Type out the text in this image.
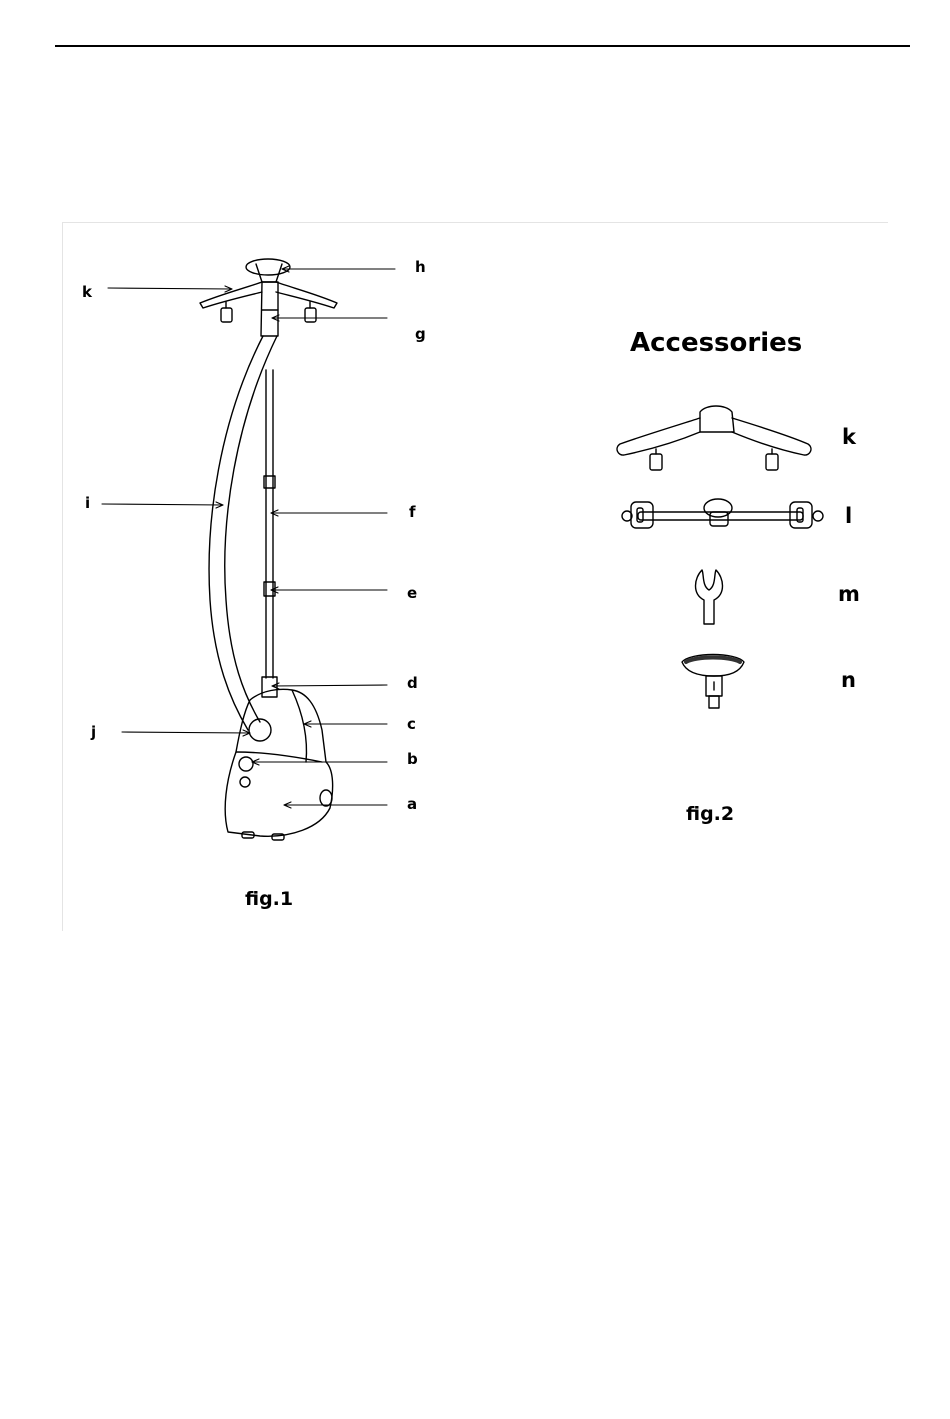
h
k
g
i	f
e
d
c
j
b
a
fig.1
Accessories
k
l
m
n
fig.2
